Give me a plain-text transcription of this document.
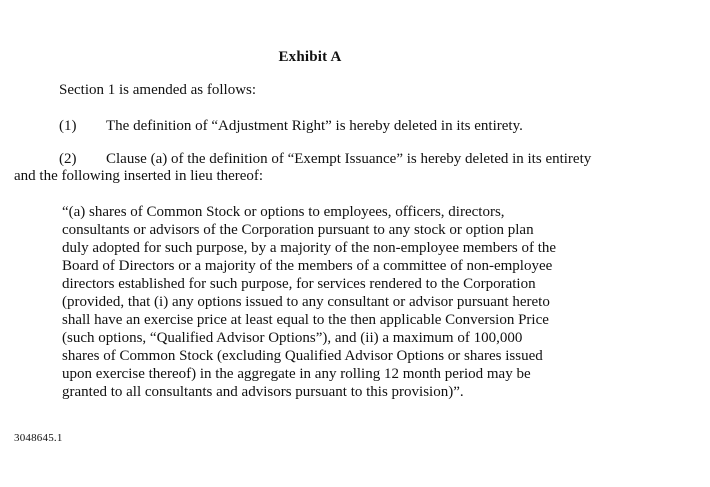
Exhibit A
Section 1 is amended as follows:
(1) The definition of “Adjustment Right” is hereby deleted in its entirety.
(2) Clause (a) of the definition of “Exempt Issuance” is hereby deleted in its entirety
and the following inserted in lieu thereof:
“(a) shares of Common Stock or options to employees, officers, directors,
consultants or advisors of the Corporation pursuant to any stock or option plan
duly adopted for such purpose, by a majority of the non-employee members of the
Board of Directors or a majority of the members of a committee of non-employee
directors established for such purpose, for services rendered to the Corporation
(provided, that (i) any options issued to any consultant or advisor pursuant hereto
shall have an exercise price at least equal to the then applicable Conversion Price
(such options, “Qualified Advisor Options”), and (ii) a maximum of 100,000
shares of Common Stock (excluding Qualified Advisor Options or shares issued
upon exercise thereof) in the aggregate in any rolling 12 month period may be
granted to all consultants and advisors pursuant to this provision)”.
3048645.1
